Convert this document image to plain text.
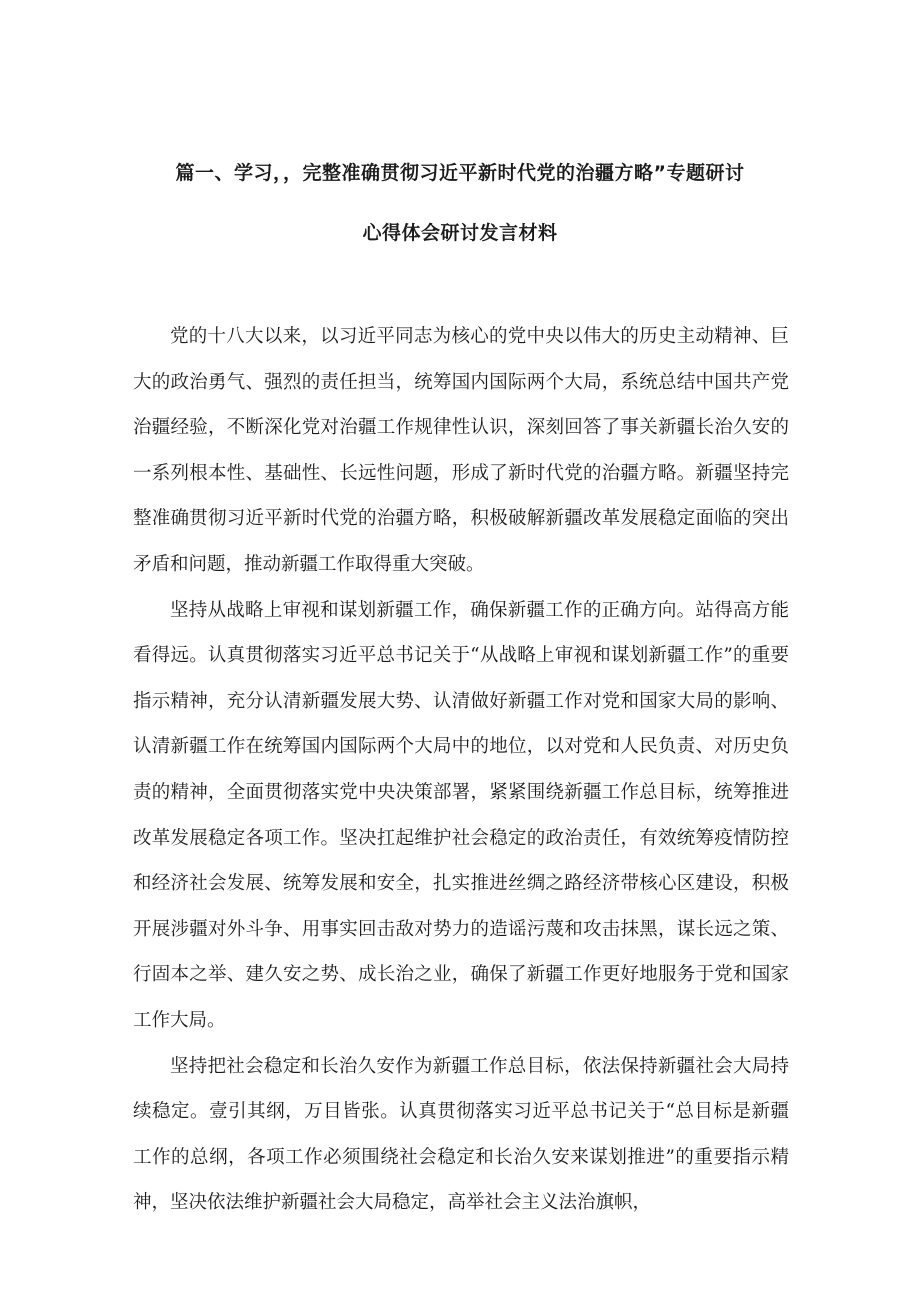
篇一、学习，，完整准确贯彻习近平新时代党的治疆方略”专题研讨
心得体会研讨发言材料

党的十八大以来，以习近平同志为核心的党中央以伟大的历史主动精神、巨大的政治勇气、强烈的责任担当，统筹国内国际两个大局，系统总结中国共产党治疆经验，不断深化党对治疆工作规律性认识，深刻回答了事关新疆长治久安的一系列根本性、基础性、长远性问题，形成了新时代党的治疆方略。新疆坚持完整准确贯彻习近平新时代党的治疆方略，积极破解新疆改革发展稳定面临的突出矛盾和问题，推动新疆工作取得重大突破。

坚持从战略上审视和谋划新疆工作，确保新疆工作的正确方向。站得高方能看得远。认真贯彻落实习近平总书记关于“从战略上审视和谋划新疆工作”的重要指示精神，充分认清新疆发展大势、认清做好新疆工作对党和国家大局的影响、认清新疆工作在统筹国内国际两个大局中的地位，以对党和人民负责、对历史负责的精神，全面贯彻落实党中央决策部署，紧紧围绕新疆工作总目标，统筹推进改革发展稳定各项工作。坚决扛起维护社会稳定的政治责任，有效统筹疫情防控和经济社会发展、统筹发展和安全，扎实推进丝绸之路经济带核心区建设，积极开展涉疆对外斗争、用事实回击敌对势力的造谣污蔑和攻击抹黑，谋长远之策、行固本之举、建久安之势、成长治之业，确保了新疆工作更好地服务于党和国家工作大局。

坚持把社会稳定和长治久安作为新疆工作总目标，依法保持新疆社会大局持续稳定。壹引其纲，万目皆张。认真贯彻落实习近平总书记关于“总目标是新疆工作的总纲，各项工作必须围绕社会稳定和长治久安来谋划推进”的重要指示精神，坚决依法维护新疆社会大局稳定，高举社会主义法治旗帜，
